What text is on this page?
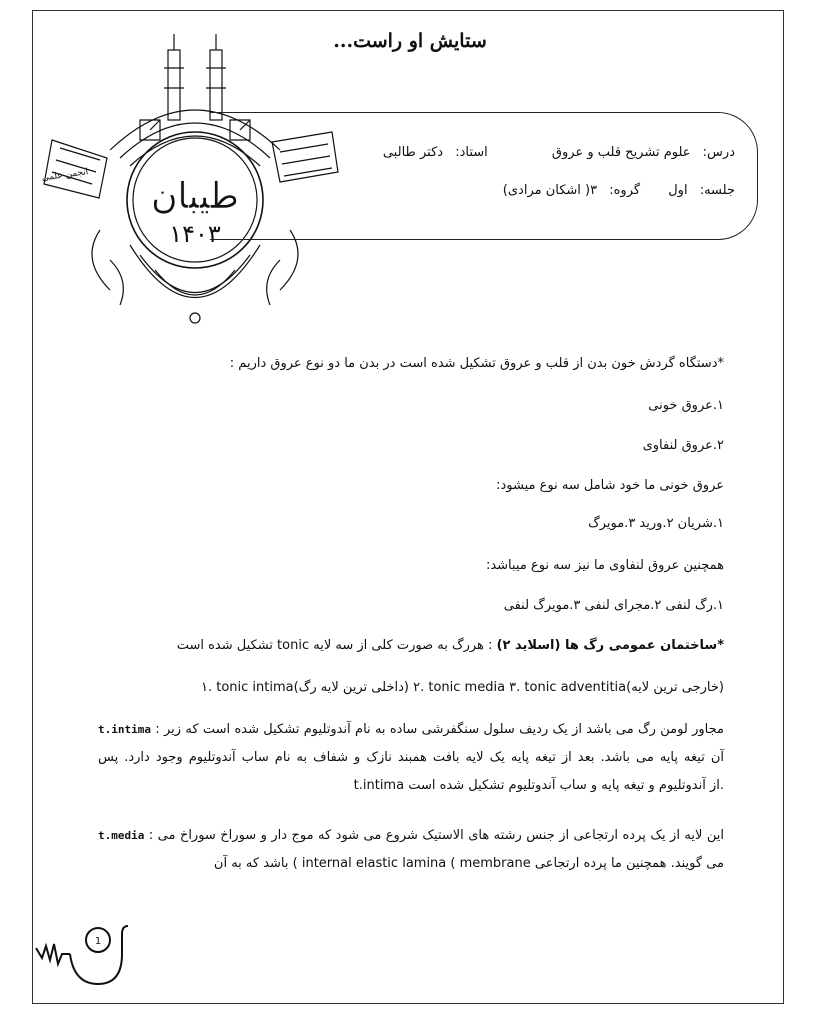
ستایش او راست...
طیبان
۱۴۰۳
انجمن علمی
درس: علوم تشریح قلب و عروق استاد: دکتر طالبی
جلسه: اول گروه: ۳( اشکان مرادی)
*دستگاه گردش خون بدن از قلب و عروق تشکیل شده است در بدن ما دو نوع عروق داریم :
۱.عروق خونی
۲.عروق لنفاوی
عروق خونی ما خود شامل سه نوع میشود:
۱.شریان ۲.ورید ۳.مویرگ
همچنین عروق لنفاوی ما نیز سه نوع میباشد:
۱.رگ لنفی ۲.مجرای لنفی ۳.مویرگ لنفی
*ساختمان عمومی رگ ها (اسلاید ۲) : هررگ به صورت کلی از سه لایه tonic تشکیل شده است
۱. tonic intima(داخلی ترین لایه رگ) ۲. tonic media ۳. tonic adventitia(خارجی ترین لایه)
t.intima : مجاور لومن رگ می باشد از یک ردیف سلول سنگفرشی ساده به نام آندوتلیوم تشکیل شده است که زیر آن تیغه پایه می باشد. بعد از تیغه پایه یک لایه بافت همبند نازک و شفاف به نام ساب آندوتلیوم وجود دارد. پس t.intima از آندوتلیوم و تیغه پایه و ساب آندوتلیوم تشکیل شده است.
t.media : این لایه از یک پرده ارتجاعی از جنس رشته های الاستیک شروع می شود که موج دار و سوراخ سوراخ می باشد که به آن ( internal elastic lamina ( membrane می گویند. همچنین ما پرده ارتجاعی
1
